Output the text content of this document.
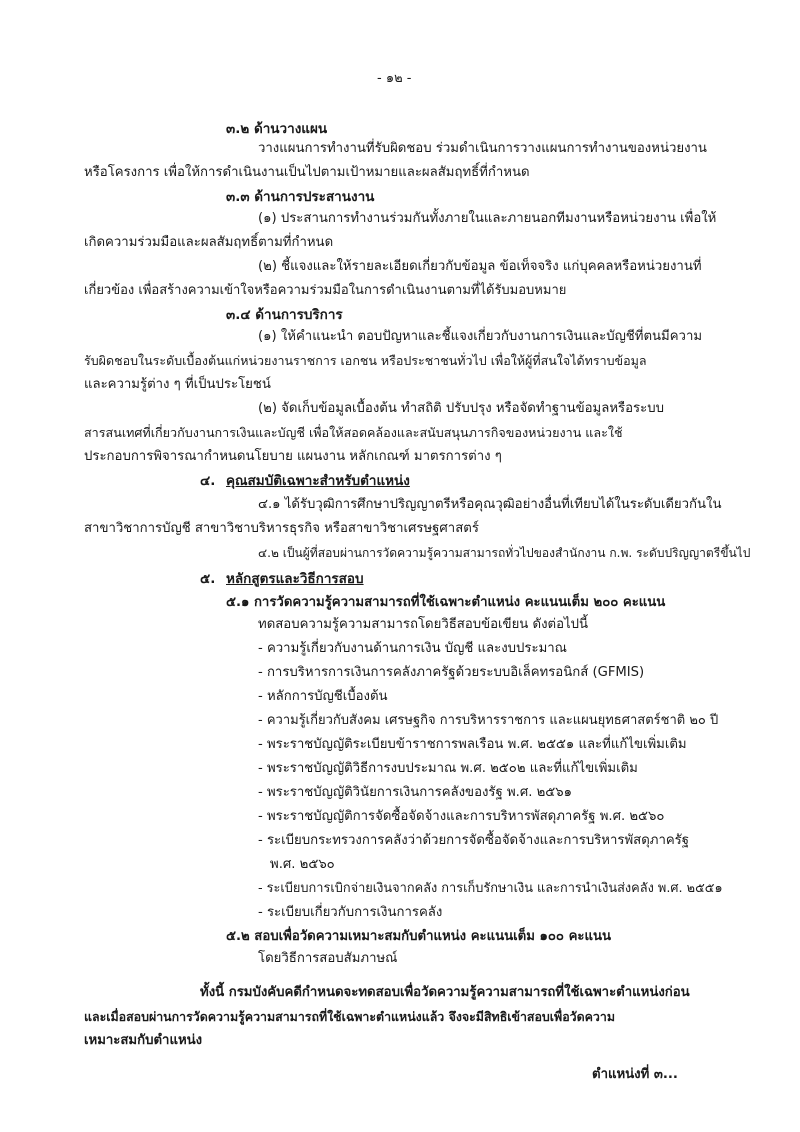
- ๑๒ -
๓.๒ ด้านวางแผน
วางแผนการทำงานที่รับผิดชอบ ร่วมดำเนินการวางแผนการทำงานของหน่วยงาน
หรือโครงการ เพื่อให้การดำเนินงานเป็นไปตามเป้าหมายและผลสัมฤทธิ์ที่กำหนด
๓.๓ ด้านการประสานงาน
(๑) ประสานการทำงานร่วมกันทั้งภายในและภายนอกทีมงานหรือหน่วยงาน เพื่อให้
เกิดความร่วมมือและผลสัมฤทธิ์ตามที่กำหนด
(๒) ชี้แจงและให้รายละเอียดเกี่ยวกับข้อมูล ข้อเท็จจริง แก่บุคคลหรือหน่วยงานที่
เกี่ยวข้อง เพื่อสร้างความเข้าใจหรือความร่วมมือในการดำเนินงานตามที่ได้รับมอบหมาย
๓.๔ ด้านการบริการ
(๑) ให้คำแนะนำ ตอบปัญหาและชี้แจงเกี่ยวกับงานการเงินและบัญชีที่ตนมีความ
รับผิดชอบในระดับเบื้องต้นแก่หน่วยงานราชการ เอกชน หรือประชาชนทั่วไป เพื่อให้ผู้ที่สนใจได้ทราบข้อมูล
และความรู้ต่าง ๆ ที่เป็นประโยชน์
(๒) จัดเก็บข้อมูลเบื้องต้น ทำสถิติ ปรับปรุง หรือจัดทำฐานข้อมูลหรือระบบ
สารสนเทศที่เกี่ยวกับงานการเงินและบัญชี เพื่อให้สอดคล้องและสนับสนุนภารกิจของหน่วยงาน และใช้
ประกอบการพิจารณากำหนดนโยบาย แผนงาน หลักเกณฑ์ มาตรการต่าง ๆ
๔. คุณสมบัติเฉพาะสำหรับตำแหน่ง
๔.๑ ได้รับวุฒิการศึกษาปริญญาตรีหรือคุณวุฒิอย่างอื่นที่เทียบได้ในระดับเดียวกันใน
สาขาวิชาการบัญชี สาขาวิชาบริหารธุรกิจ หรือสาขาวิชาเศรษฐศาสตร์
๔.๒ เป็นผู้ที่สอบผ่านการวัดความรู้ความสามารถทั่วไปของสำนักงาน ก.พ. ระดับปริญญาตรีขึ้นไป
๕. หลักสูตรและวิธีการสอบ
๕.๑ การวัดความรู้ความสามารถที่ใช้เฉพาะตำแหน่ง คะแนนเต็ม ๒๐๐ คะแนน
ทดสอบความรู้ความสามารถโดยวิธีสอบข้อเขียน ดังต่อไปนี้
- ความรู้เกี่ยวกับงานด้านการเงิน บัญชี และงบประมาณ
- การบริหารการเงินการคลังภาครัฐด้วยระบบอิเล็คทรอนิกส์ (GFMIS)
- หลักการบัญชีเบื้องต้น
- ความรู้เกี่ยวกับสังคม เศรษฐกิจ การบริหารราชการ และแผนยุทธศาสตร์ชาติ ๒๐ ปี
- พระราชบัญญัติระเบียบข้าราชการพลเรือน พ.ศ. ๒๕๕๑ และที่แก้ไขเพิ่มเติม
- พระราชบัญญัติวิธีการงบประมาณ พ.ศ. ๒๕๐๒ และที่แก้ไขเพิ่มเติม
- พระราชบัญญัติวินัยการเงินการคลังของรัฐ พ.ศ. ๒๕๖๑
- พระราชบัญญัติการจัดซื้อจัดจ้างและการบริหารพัสดุภาครัฐ พ.ศ. ๒๕๖๐
- ระเบียบกระทรวงการคลังว่าด้วยการจัดซื้อจัดจ้างและการบริหารพัสดุภาครัฐ
พ.ศ. ๒๕๖๐
- ระเบียบการเบิกจ่ายเงินจากคลัง การเก็บรักษาเงิน และการนำเงินส่งคลัง พ.ศ. ๒๕๕๑
- ระเบียบเกี่ยวกับการเงินการคลัง
๕.๒ สอบเพื่อวัดความเหมาะสมกับตำแหน่ง คะแนนเต็ม ๑๐๐ คะแนน
โดยวิธีการสอบสัมภาษณ์
ทั้งนี้ กรมบังคับคดีกำหนดจะทดสอบเพื่อวัดความรู้ความสามารถที่ใช้เฉพาะตำแหน่งก่อน
และเมื่อสอบผ่านการวัดความรู้ความสามารถที่ใช้เฉพาะตำแหน่งแล้ว จึงจะมีสิทธิเข้าสอบเพื่อวัดความ
เหมาะสมกับตำแหน่ง
ตำแหน่งที่ ๓...
